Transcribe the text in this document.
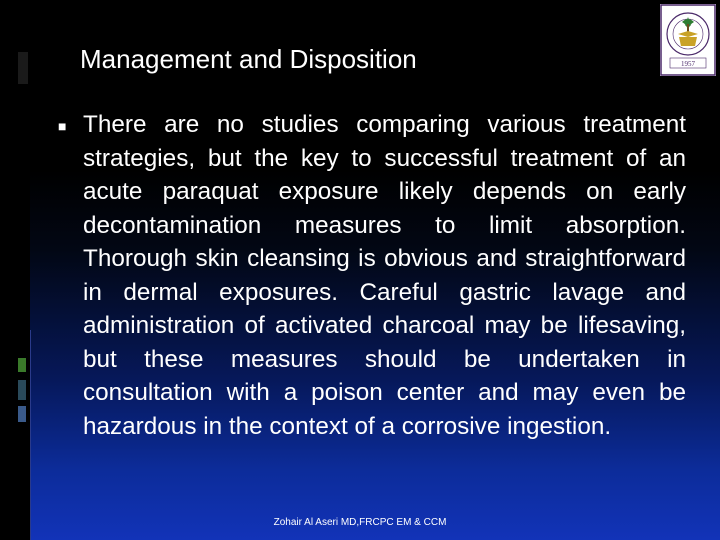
Management and Disposition	1957
■ There are no studies comparing various treatment strategies, but the key to successful treatment of an acute paraquat exposure likely depends on early decontamination measures to limit absorption. Thorough skin cleansing is obvious and straightforward in dermal exposures. Careful gastric lavage and administration of activated charcoal may be lifesaving, but these measures should be undertaken in consultation with a poison center and may even be hazardous in the context of a corrosive ingestion.
Zohair Al Aseri MD,FRCPC EM & CCM
